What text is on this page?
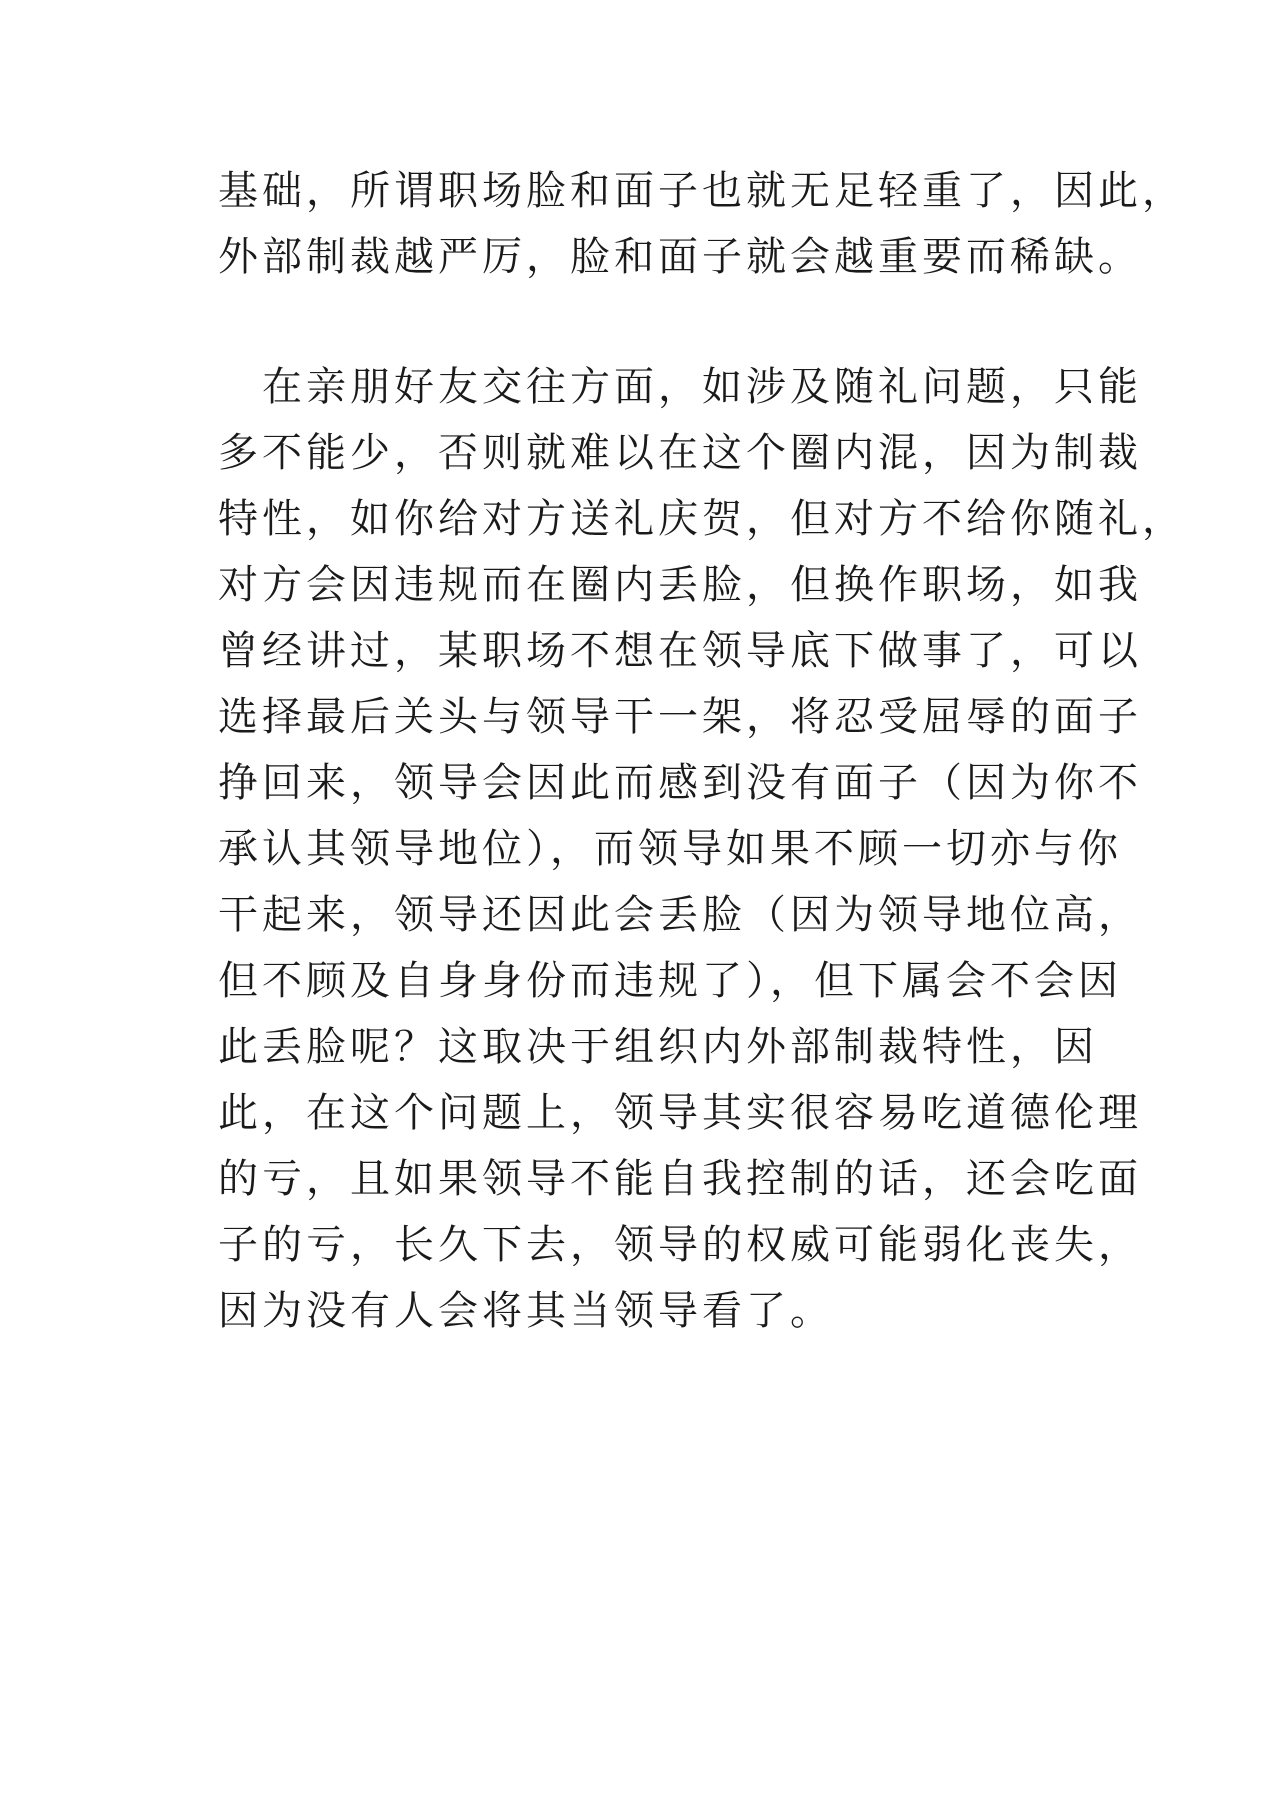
基础，所谓职场脸和面子也就无足轻重了，因此，
外部制裁越严厉，脸和面子就会越重要而稀缺。
在亲朋好友交往方面，如涉及随礼问题，只能
多不能少，否则就难以在这个圈内混，因为制裁
特性，如你给对方送礼庆贺，但对方不给你随礼，
对方会因违规而在圈内丢脸，但换作职场，如我
曾经讲过，某职场不想在领导底下做事了，可以
选择最后关头与领导干一架，将忍受屈辱的面子
挣回来，领导会因此而感到没有面子（因为你不
承认其领导地位），而领导如果不顾一切亦与你
干起来，领导还因此会丢脸（因为领导地位高，
但不顾及自身身份而违规了），但下属会不会因
此丢脸呢？这取决于组织内外部制裁特性，因
此，在这个问题上，领导其实很容易吃道德伦理
的亏，且如果领导不能自我控制的话，还会吃面
子的亏，长久下去，领导的权威可能弱化丧失，
因为没有人会将其当领导看了。
